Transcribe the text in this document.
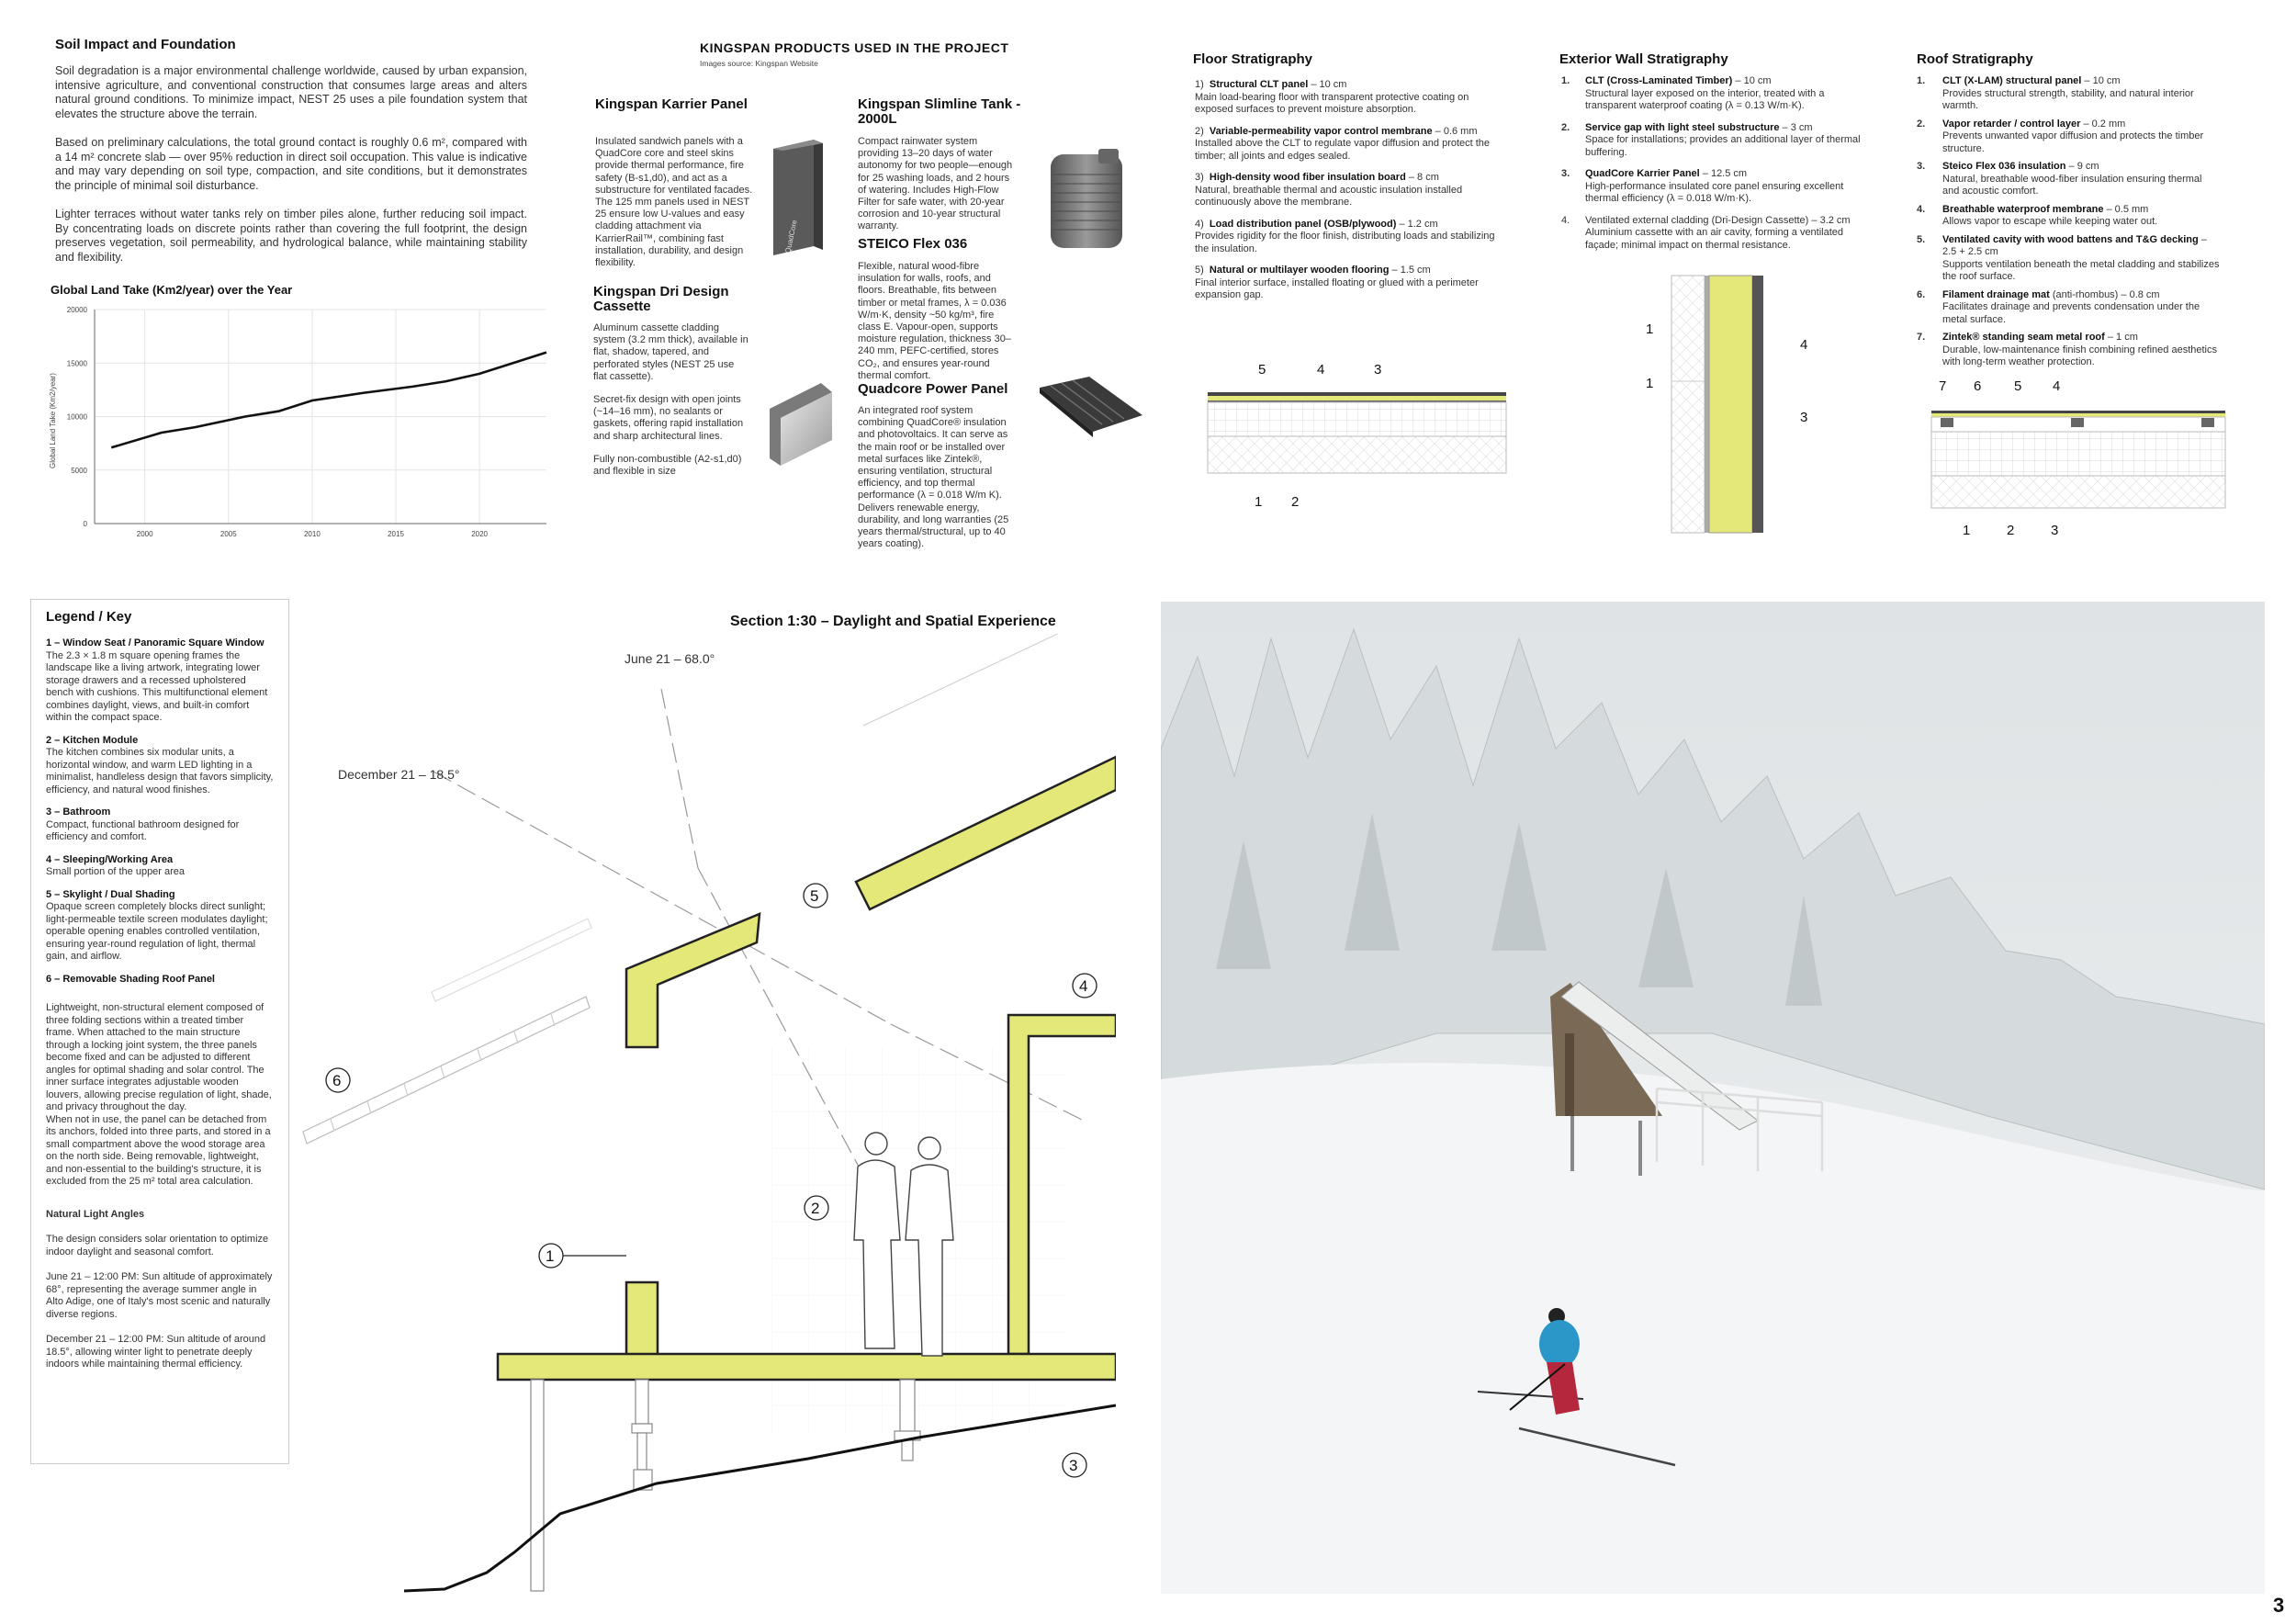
Soil Impact and Foundation

Soil degradation is a major environmental challenge worldwide, caused by urban expansion, intensive agriculture, and conventional construction that consumes large areas and alters natural ground conditions. To minimize impact, NEST 25 uses a pile foundation system that elevates the structure above the terrain.

Based on preliminary calculations, the total ground contact is roughly 0.6 m², compared with a 14 m² concrete slab — over 95% reduction in direct soil occupation. This value is indicative and may vary depending on soil type, compaction, and site conditions, but it demonstrates the principle of minimal soil disturbance.

Lighter terraces without water tanks rely on timber piles alone, further reducing soil impact. By concentrating loads on discrete points rather than covering the full footprint, the design preserves vegetation, soil permeability, and hydrological balance, while maintaining stability and flexibility.

Global Land Take (Km2/year) over the Year
0
5000
10000
15000
20000
2000	2005	2010	2015	2020
Global Land Take (Km2/year)
KINGSPAN PRODUCTS USED IN THE PROJECT
Images source: Kingspan Website
Kingspan Karrier Panel
Insulated sandwich panels with a QuadCore core and steel skins provide thermal performance, fire safety (B-s1,d0), and act as a substructure for ventilated facades. The 125 mm panels used in NEST 25 ensure low U-values and easy cladding attachment via KarrierRail™, combining fast installation, durability, and design flexibility.
QuadCore
Kingspan Dri Design Cassette

Aluminum cassette cladding system (3.2 mm thick), available in flat, shadow, tapered, and perforated styles (NEST 25 use flat cassette).

Secret-fix design with open joints (~14–16 mm), no sealants or gaskets, offering rapid installation and sharp architectural lines.

Fully non-combustible (A2-s1,d0) and flexible in size

Kingspan Slimline Tank - 2000L
Compact rainwater system providing 13–20 days of water autonomy for two people—enough for 25 washing loads, and 2 hours of watering. Includes High-Flow Filter for safe water, with 20-year corrosion and 10-year structural warranty.
STEICO Flex 036
Flexible, natural wood-fibre insulation for walls, roofs, and floors. Breathable, fits between timber or metal frames, λ = 0.036 W/m·K, density ~50 kg/m³, fire class E. Vapour-open, supports moisture regulation, thickness 30–240 mm, PEFC-certified, stores CO₂, and ensures year-round thermal comfort.
Quadcore Power Panel
An integrated roof system combining QuadCore® insulation and photovoltaics. It can serve as the main roof or be installed over metal surfaces like Zintek®, ensuring ventilation, structural efficiency, and top thermal performance (λ = 0.018 W/m K). Delivers renewable energy, durability, and long warranties (25 years thermal/structural, up to 40 years coating).
Floor Stratigraphy
1) Structural CLT panel – 10 cm
Main load-bearing floor with transparent protective coating on exposed surfaces to prevent moisture absorption.
2) Variable-permeability vapor control membrane – 0.6 mm
Installed above the CLT to regulate vapor diffusion and protect the timber; all joints and edges sealed.
3) High-density wood fiber insulation board – 8 cm
Natural, breathable thermal and acoustic insulation installed continuously above the membrane.
4) Load distribution panel (OSB/plywood) – 1.2 cm
Provides rigidity for the floor finish, distributing loads and stabilizing the insulation.
5) Natural or multilayer wooden flooring – 1.5 cm
Final interior surface, installed floating or glued with a perimeter expansion gap.
5	4	3
1 2
Exterior Wall Stratigraphy
1.	CLT (Cross-Laminated Timber) – 10 cm
Structural layer exposed on the interior, treated with a transparent waterproof coating (λ = 0.13 W/m·K).
2.	Service gap with light steel substructure – 3 cm
Space for installations; provides an additional layer of thermal buffering.
3.	QuadCore Karrier Panel – 12.5 cm
High-performance insulated core panel ensuring excellent thermal efficiency (λ = 0.018 W/m·K).
4.	Ventilated external cladding (Dri-Design Cassette) – 3.2 cm
Aluminium cassette with an air cavity, forming a ventilated façade; minimal impact on thermal resistance.
1
1
4
3
Roof Stratigraphy
1.	CLT (X-LAM) structural panel – 10 cm
Provides structural strength, stability, and natural interior warmth.
2.	Vapor retarder / control layer – 0.2 mm
Prevents unwanted vapor diffusion and protects the timber structure.
3.	Steico Flex 036 insulation – 9 cm
Natural, breathable wood-fiber insulation ensuring thermal and acoustic comfort.
4.	Breathable waterproof membrane – 0.5 mm
Allows vapor to escape while keeping water out.
5.	Ventilated cavity with wood battens and T&G decking – 2.5 + 2.5 cm
Supports ventilation beneath the metal cladding and stabilizes the roof surface.
6.	Filament drainage mat (anti-rhombus) – 0.8 cm
Facilitates drainage and prevents condensation under the metal surface.
7.	Zintek® standing seam metal roof – 1 cm
Durable, low-maintenance finish combining refined aesthetics with long-term weather protection.
7 6 5 4
1	2	3
Legend / Key
1 – Window Seat / Panoramic Square Window
The 2.3 × 1.8 m square opening frames the landscape like a living artwork, integrating lower storage drawers and a recessed upholstered bench with cushions. This multifunctional element combines daylight, views, and built-in comfort within the compact space.
2 – Kitchen Module
The kitchen combines six modular units, a horizontal window, and warm LED lighting in a minimalist, handleless design that favors simplicity, efficiency, and natural wood finishes.
3 – Bathroom
Compact, functional bathroom designed for efficiency and comfort.
4 – Sleeping/Working Area
Small portion of the upper area
5 – Skylight / Dual Shading
Opaque screen completely blocks direct sunlight; light-permeable textile screen modulates daylight; operable opening enables controlled ventilation, ensuring year-round regulation of light, thermal gain, and airflow.
6 – Removable Shading Roof Panel
Lightweight, non-structural element composed of three folding sections within a treated timber frame. When attached to the main structure through a locking joint system, the three panels become fixed and can be adjusted to different angles for optimal shading and solar control. The inner surface integrates adjustable wooden louvers, allowing precise regulation of light, shade, and privacy throughout the day.
When not in use, the panel can be detached from its anchors, folded into three parts, and stored in a small compartment above the wood storage area on the north side. Being removable, lightweight, and non-essential to the building's structure, it is excluded from the 25 m² total area calculation.
Natural Light Angles
The design considers solar orientation to optimize indoor daylight and seasonal comfort.
June 21 – 12:00 PM: Sun altitude of approximately 68°, representing the average summer angle in Alto Adige, one of Italy's most scenic and naturally diverse regions.
December 21 – 12:00 PM: Sun altitude of around 18.5°, allowing winter light to penetrate deeply indoors while maintaining thermal efficiency.
Section 1:30 – Daylight and Spatial Experience
1
2
3
4
5
6
June 21 – 68.0°
December 21 – 18.5°
3
